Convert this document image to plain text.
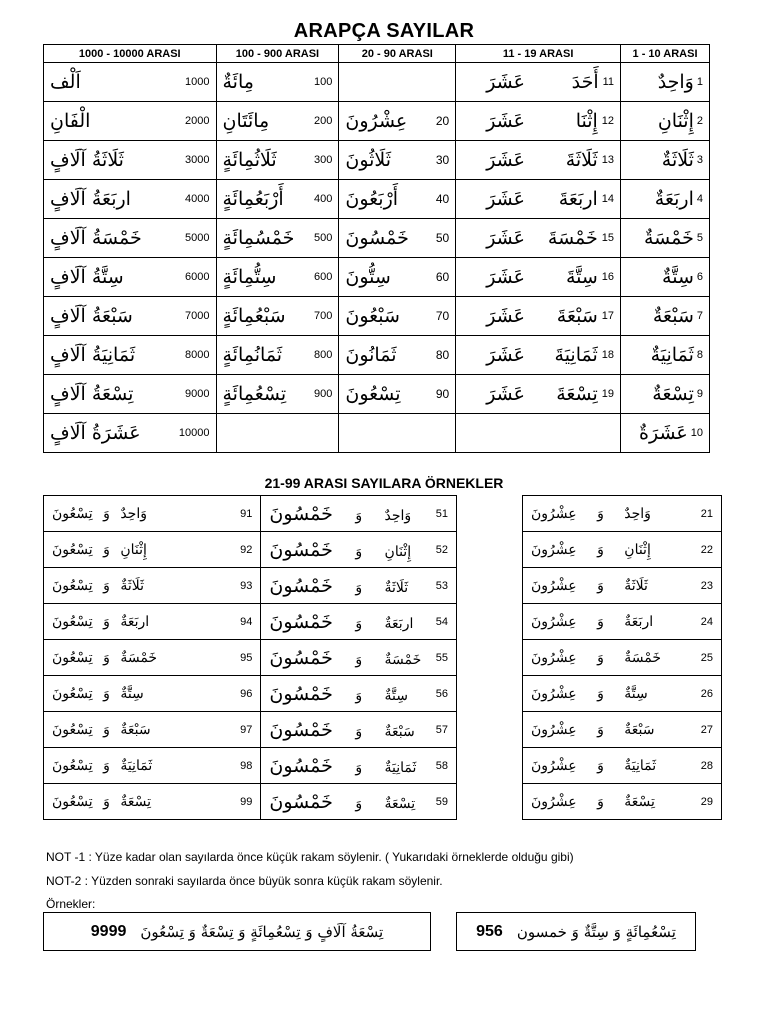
ARAPÇA SAYILAR
1000 - 10000 ARASI	100 - 900 ARASI	20 - 90 ARASI	11 - 19 ARASI	1 - 10 ARASI

اَلْف 1000	مِائَةٌ 100		عَشَرَ أَحَدَ 11	وَاحِدٌ 1

الْفَانِ 2000	مِائَتَانِ 200	عِشْرُونَ 20	عَشَرَ إِثْنَا 12	إِثْنَانِ 2

ثَلَاثَةُ آلَافٍ 3000	ثَلَاثُمِائَةٍ 300	ثَلَاثُونَ 30	عَشَرَ ثَلَاثَةَ 13	ثَلَاثَةٌ 3

اربَعَةُ آلَافٍ 4000	أَرْبَعُمِائَةٍ 400	أَرْبَعُونَ 40	عَشَرَ اربَعَةَ 14	اربَعَةٌ 4

خَمْسَةُ آلَافٍ 5000	خَمْسُمِائَةٍ 500	خَمْسُونَ 50	عَشَرَ خَمْسَةَ 15	خَمْسَةٌ 5

سِتَّةُ آلَافٍ 6000	سِتُّمِائَةٍ 600	سِتُّونَ 60	عَشَرَ سِتَّةَ 16	سِتَّةٌ 6

سَبْعَةُ آلَافٍ 7000	سَبْعُمِائَةٍ 700	سَبْعُونَ 70	عَشَرَ سَبْعَةَ 17	سَبْعَةٌ 7

ثَمَانِيَةُ آلَافٍ 8000	ثَمَانُمِائَةٍ 800	ثَمَانُونَ 80	عَشَرَ ثَمَانِيَةَ 18	ثَمَانِيَةٌ 8

تِسْعَةُ آلَافٍ 9000	تِسْعُمِائَةٍ 900	تِسْعُونَ 90	عَشَرَ تِسْعَةَ 19	تِسْعَةٌ 9

عَشَرَةُ آلَافٍ 10000				عَشَرَةٌ 10
21-99 ARASI SAYILARA ÖRNEKLER
وَاحِدٌ وَ تِسْعُونَ 91	وَاحِدٌ وَ خَمْسُونَ 51

إِثْنَانِ وَ تِسْعُونَ 92	إِثْنَانِ وَ خَمْسُونَ 52

ثَلَاثَةٌ وَ تِسْعُونَ 93	ثَلَاثَةٌ وَ خَمْسُونَ 53

اربَعَةٌ وَ تِسْعُونَ 94	اربَعَةٌ وَ خَمْسُونَ 54

خَمْسَةٌ وَ تِسْعُونَ 95	خَمْسَةٌ وَ خَمْسُونَ 55

سِتَّةٌ وَ تِسْعُونَ 96	سِتَّةٌ وَ خَمْسُونَ 56

سَبْعَةٌ وَ تِسْعُونَ 97	سَبْعَةٌ وَ خَمْسُونَ 57

ثَمَانِيَةٌ وَ تِسْعُونَ 98	ثَمَانِيَةٌ وَ خَمْسُونَ 58

تِسْعَةٌ وَ تِسْعُونَ 99	تِسْعَةٌ وَ خَمْسُونَ 59
وَاحِدٌ وَ عِشْرُونَ	21

إِثْنَانِ وَ عِشْرُونَ	22

ثَلَاثَةٌ وَ عِشْرُونَ	23

اربَعَةٌ وَ عِشْرُونَ	24

خَمْسَةٌ وَ عِشْرُونَ	25

سِتَّةٌ وَ عِشْرُونَ	26

سَبْعَةٌ وَ عِشْرُونَ	27

ثَمَانِيَةٌ وَ عِشْرُونَ	28

تِسْعَةٌ وَ عِشْرُونَ	29
NOT -1 : Yüze kadar olan sayılarda önce küçük rakam söylenir. ( Yukarıdaki örneklerde olduğu gibi)
NOT-2 : Yüzden sonraki sayılarda önce büyük sonra küçük rakam söylenir.
Örnekler:
9999 تِسْعَةُ آلَافٍ وَ تِسْعُمِائَةٍ وَ تِسْعَةٌ وَ تِسْعُونَ	956 تِسْعُمِائَةٍ وَ سِتَّةٌ وَ خمسون
